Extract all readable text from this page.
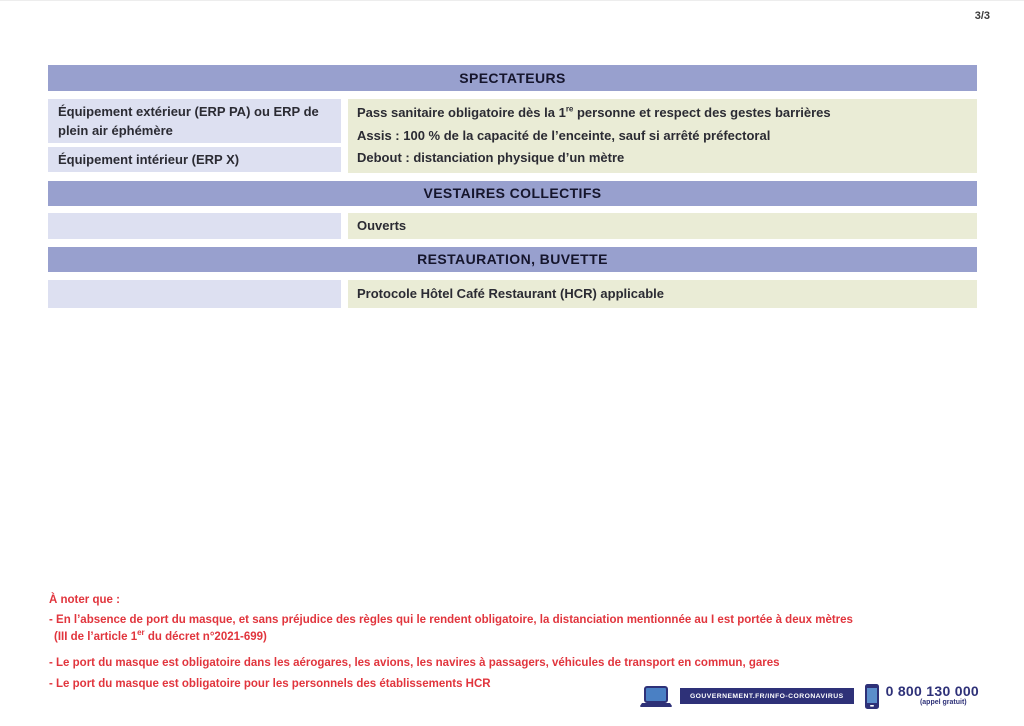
3/3
SPECTATEURS
Équipement extérieur (ERP PA) ou ERP de plein air éphémère
Équipement intérieur (ERP X)
Pass sanitaire obligatoire dès la 1re personne et respect des gestes barrières
Assis : 100 % de la capacité de l’enceinte, sauf si arrêté préfectoral
Debout : distanciation physique d’un mètre
VESTAIRES COLLECTIFS
Ouverts
RESTAURATION, BUVETTE
Protocole Hôtel Café Restaurant (HCR) applicable
À noter que :
- En l’absence de port du masque, et sans préjudice des règles qui le rendent obligatoire, la distanciation mentionnée au I est portée à deux mètres
(III de l’article 1er du décret n°2021-699)
- Le port du masque est obligatoire dans les aérogares, les avions, les navires à passagers, véhicules de transport en commun, gares
- Le port du masque est obligatoire pour les personnels des établissements HCR
GOUVERNEMENT.FR/INFO-CORONAVIRUS	0 800 130 000
(appel gratuit)
